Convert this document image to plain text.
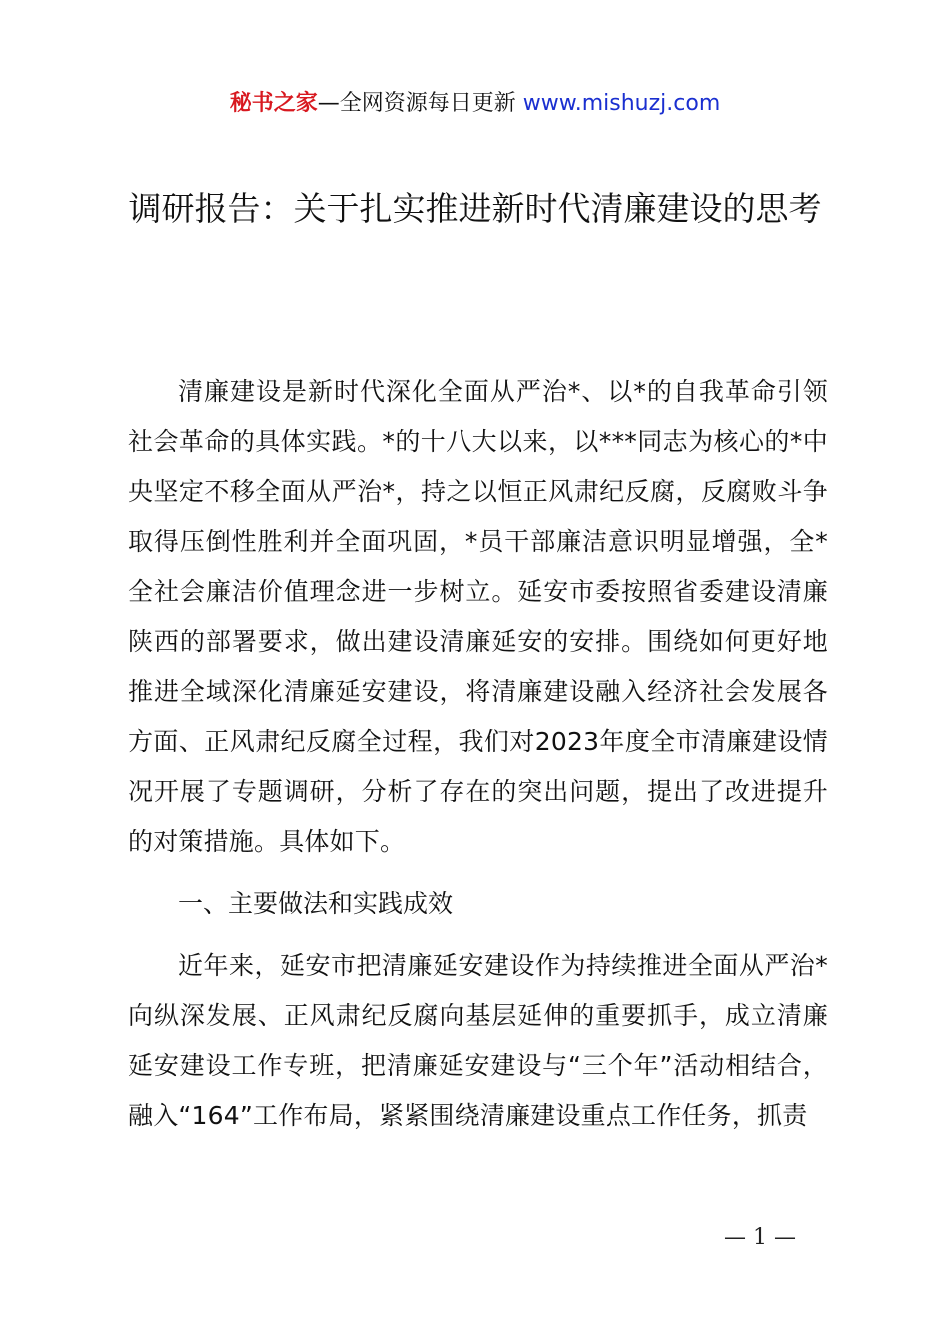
秘书之家—全网资源每日更新 www.mishuzj.com
调研报告：关于扎实推进新时代清廉建设的思考
清廉建设是新时代深化全面从严治*、以*的自我革命引领社会革命的具体实践。*的十八大以来，以***同志为核心的*中央坚定不移全面从严治*，持之以恒正风肃纪反腐，反腐败斗争取得压倒性胜利并全面巩固，*员干部廉洁意识明显增强，全*全社会廉洁价值理念进一步树立。延安市委按照省委建设清廉陕西的部署要求，做出建设清廉延安的安排。围绕如何更好地推进全域深化清廉延安建设，将清廉建设融入经济社会发展各方面、正风肃纪反腐全过程，我们对2023年度全市清廉建设情况开展了专题调研，分析了存在的突出问题，提出了改进提升的对策措施。具体如下。
一、主要做法和实践成效
近年来，延安市把清廉延安建设作为持续推进全面从严治*向纵深发展、正风肃纪反腐向基层延伸的重要抓手，成立清廉延安建设工作专班，把清廉延安建设与“三个年”活动相结合，融入“164”工作布局，紧紧围绕清廉建设重点工作任务，抓责
— 1 —
